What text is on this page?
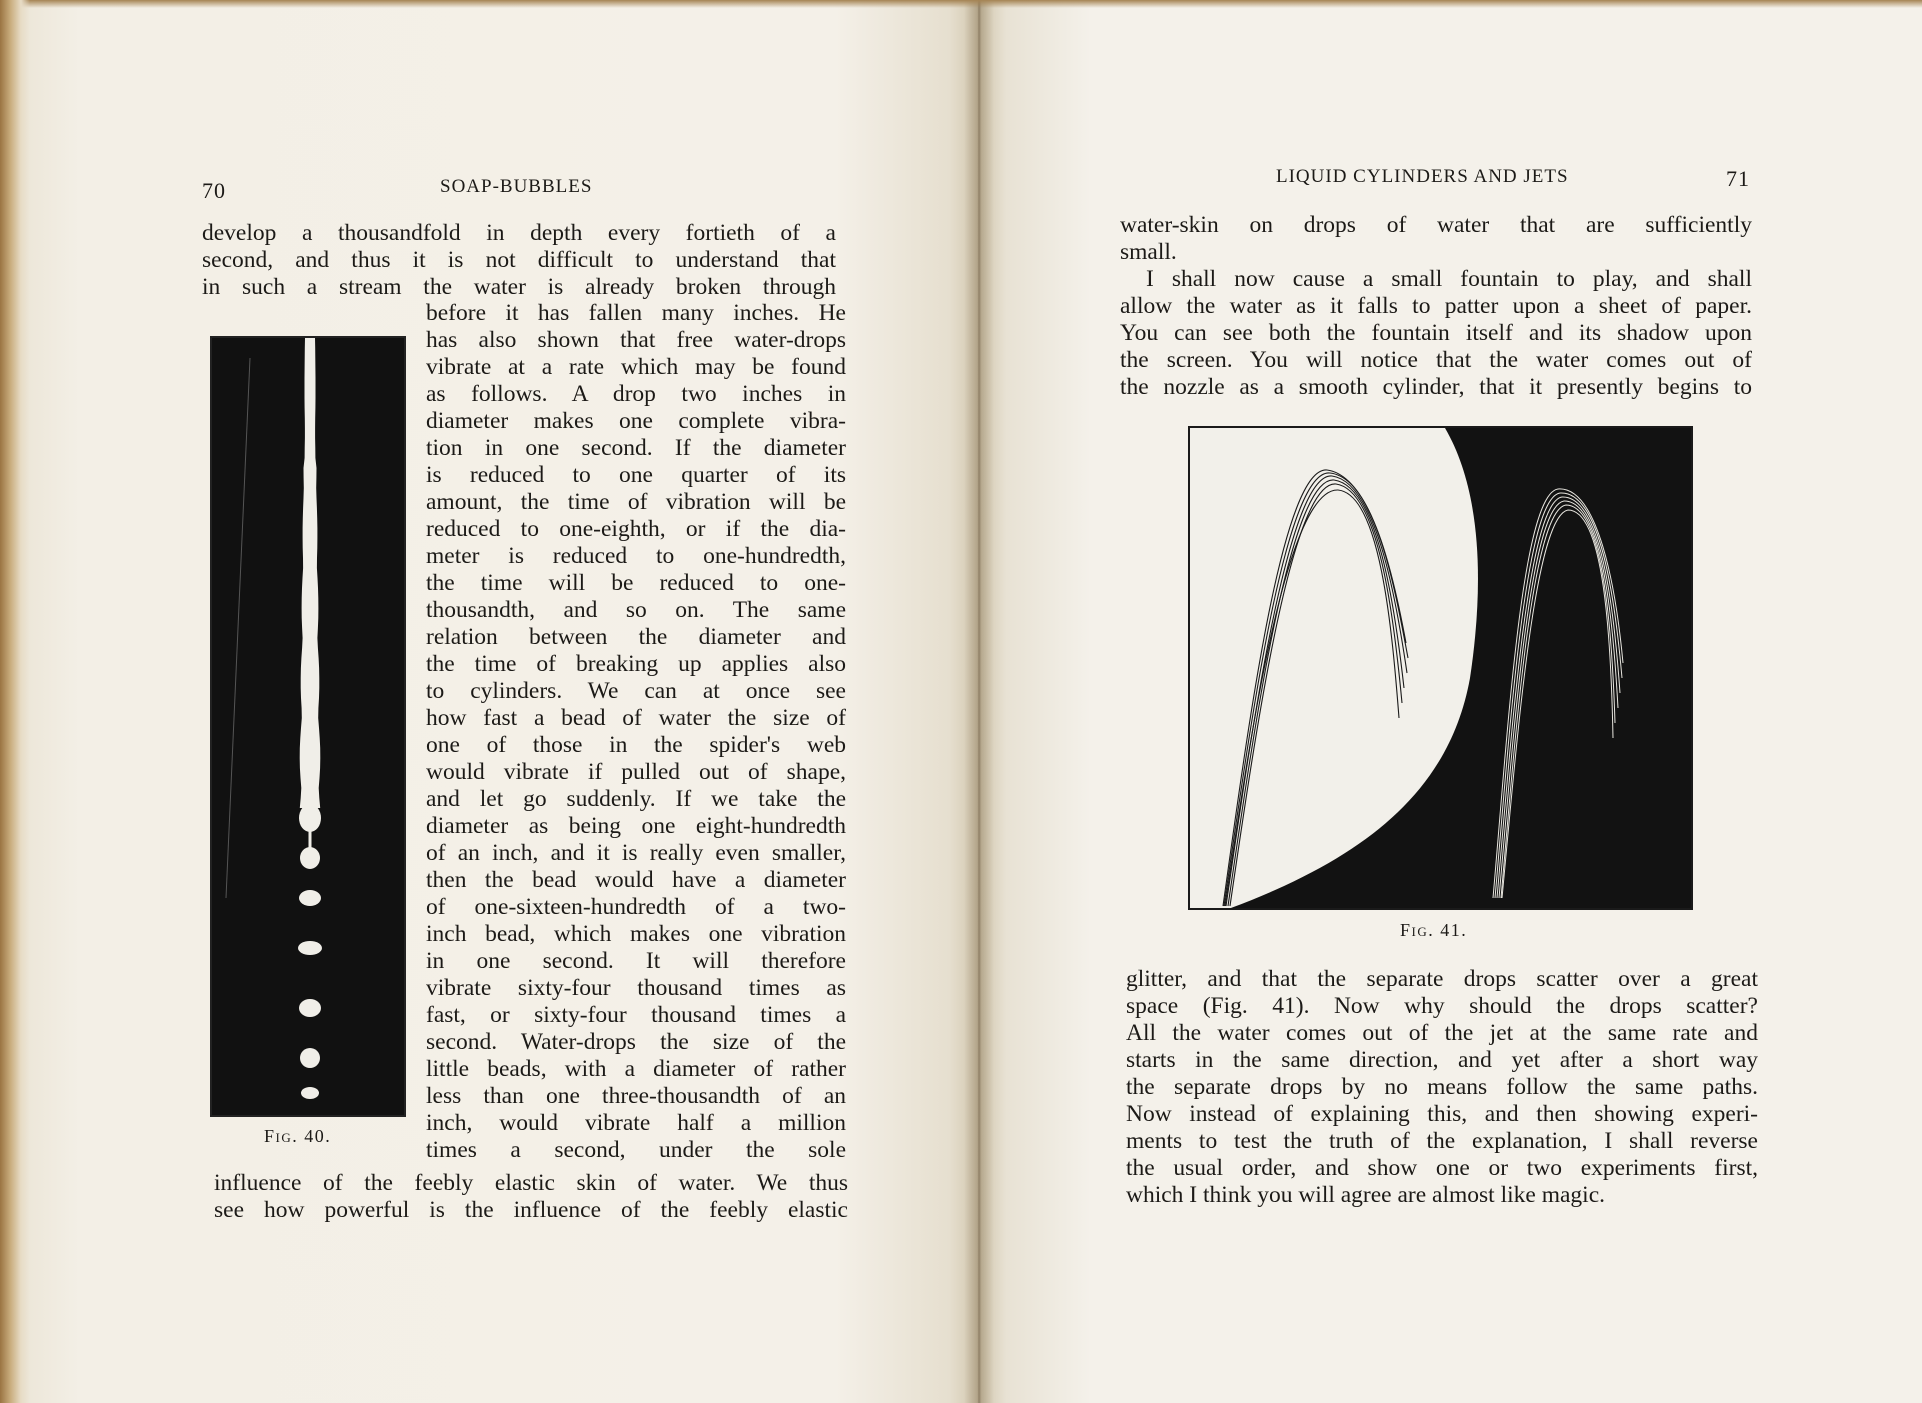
70	SOAP-BUBBLES
develop a thousandfold in depth every fortieth of a
second, and thus it is not difficult to understand that
in such a stream the water is already broken through
before it has fallen many inches. He
has also shown that free water-drops
vibrate at a rate which may be found
as follows. A drop two inches in
diameter makes one complete vibra-
tion in one second. If the diameter
is reduced to one quarter of its
amount, the time of vibration will be
reduced to one-eighth, or if the dia-
meter is reduced to one-hundredth,
the time will be reduced to one-
thousandth, and so on. The same
relation between the diameter and
the time of breaking up applies also
to cylinders. We can at once see
how fast a bead of water the size of
one of those in the spider's web
would vibrate if pulled out of shape,
and let go suddenly. If we take the
diameter as being one eight-hundredth
of an inch, and it is really even smaller,
then the bead would have a diameter
of one-sixteen-hundredth of a two-
inch bead, which makes one vibration
in one second. It will therefore
vibrate sixty-four thousand times as
fast, or sixty-four thousand times a
second. Water-drops the size of the
little beads, with a diameter of rather
less than one three-thousandth of an
inch, would vibrate half a million
times a second, under the sole
influence of the feebly elastic skin of water. We thus
see how powerful is the influence of the feebly elastic
Fig. 40.
LIQUID CYLINDERS AND JETS	71
water-skin on drops of water that are sufficiently
small.
I shall now cause a small fountain to play, and shall
allow the water as it falls to patter upon a sheet of paper.
You can see both the fountain itself and its shadow upon
the screen. You will notice that the water comes out of
the nozzle as a smooth cylinder, that it presently begins to
Fig. 41.
glitter, and that the separate drops scatter over a great
space (Fig. 41). Now why should the drops scatter?
All the water comes out of the jet at the same rate and
starts in the same direction, and yet after a short way
the separate drops by no means follow the same paths.
Now instead of explaining this, and then showing experi-
ments to test the truth of the explanation, I shall reverse
the usual order, and show one or two experiments first,
which I think you will agree are almost like magic.
